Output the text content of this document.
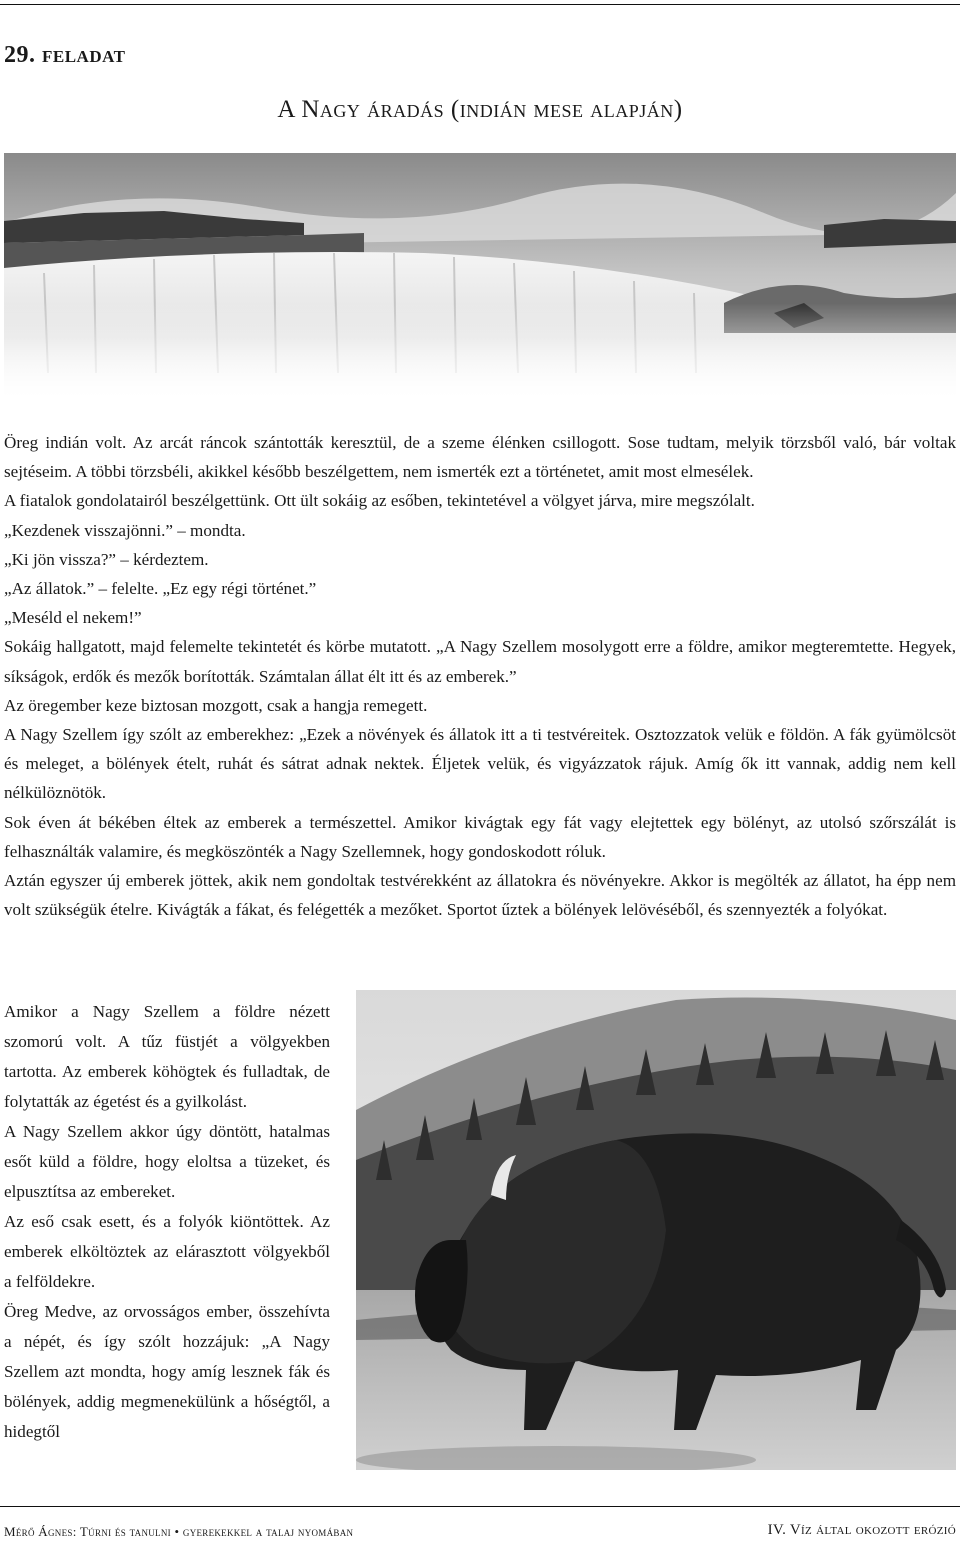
29. feladat
A Nagy áradás (indián mese alapján)

Öreg indián volt. Az arcát ráncok szántották keresztül, de a szeme élénken csillogott. Sose tudtam, melyik törzsből való, bár voltak sejtéseim. A többi törzsbéli, akikkel később beszélgettem, nem ismerték ezt a történetet, amit most elmesélek.

A fiatalok gondolatairól beszélgettünk. Ott ült sokáig az esőben, tekintetével a völgyet járva, mire megszólalt.

„Kezdenek visszajönni.” – mondta.

„Ki jön vissza?” – kérdeztem.

„Az állatok.” – felelte. „Ez egy régi történet.”

„Meséld el nekem!”

Sokáig hallgatott, majd felemelte tekintetét és körbe mutatott. „A Nagy Szellem mosolygott erre a földre, amikor megteremtette. Hegyek, síkságok, erdők és mezők borították. Számtalan állat élt itt és az emberek.”

Az öregember keze biztosan mozgott, csak a hangja remegett.

A Nagy Szellem így szólt az emberekhez: „Ezek a növények és állatok itt a ti testvéreitek. Osztozzatok velük e földön. A fák gyümölcsöt és meleget, a bölények ételt, ruhát és sátrat adnak nektek. Éljetek velük, és vigyázzatok rájuk. Amíg ők itt vannak, addig nem kell nélkülöznötök.

Sok éven át békében éltek az emberek a természettel. Amikor kivágtak egy fát vagy elejtettek egy bölényt, az utolsó szőrszálát is felhasználták valamire, és megköszönték a Nagy Szellemnek, hogy gondoskodott róluk.

Aztán egyszer új emberek jöttek, akik nem gondoltak testvérekként az állatokra és növényekre. Akkor is megölték az állatot, ha épp nem volt szükségük ételre. Kivágták a fákat, és felégették a mezőket. Sportot űztek a bölények lelövéséből, és szennyezték a folyókat.

Amikor a Nagy Szellem a földre nézett szomorú volt. A tűz füstjét a völgyekben tartotta. Az emberek köhögtek és fulladtak, de folytatták az égetést és a gyilkolást.

A Nagy Szellem akkor úgy döntött, hatalmas esőt küld a földre, hogy eloltsa a tüzeket, és elpusztítsa az embereket.

Az eső csak esett, és a folyók kiöntöttek. Az emberek elköltöztek az elárasztott völgyekből a felföldekre.

Öreg Medve, az orvosságos ember, összehívta a népét, és így szólt hozzájuk: „A Nagy Szellem azt mondta, hogy amíg lesznek fák és bölények, addig megmenekülünk a hőségtől, a hidegtől

Mérő Ágnes: Túrni és tanulni • gyerekekkel a talaj nyomában	IV. Víz által okozott erózió
